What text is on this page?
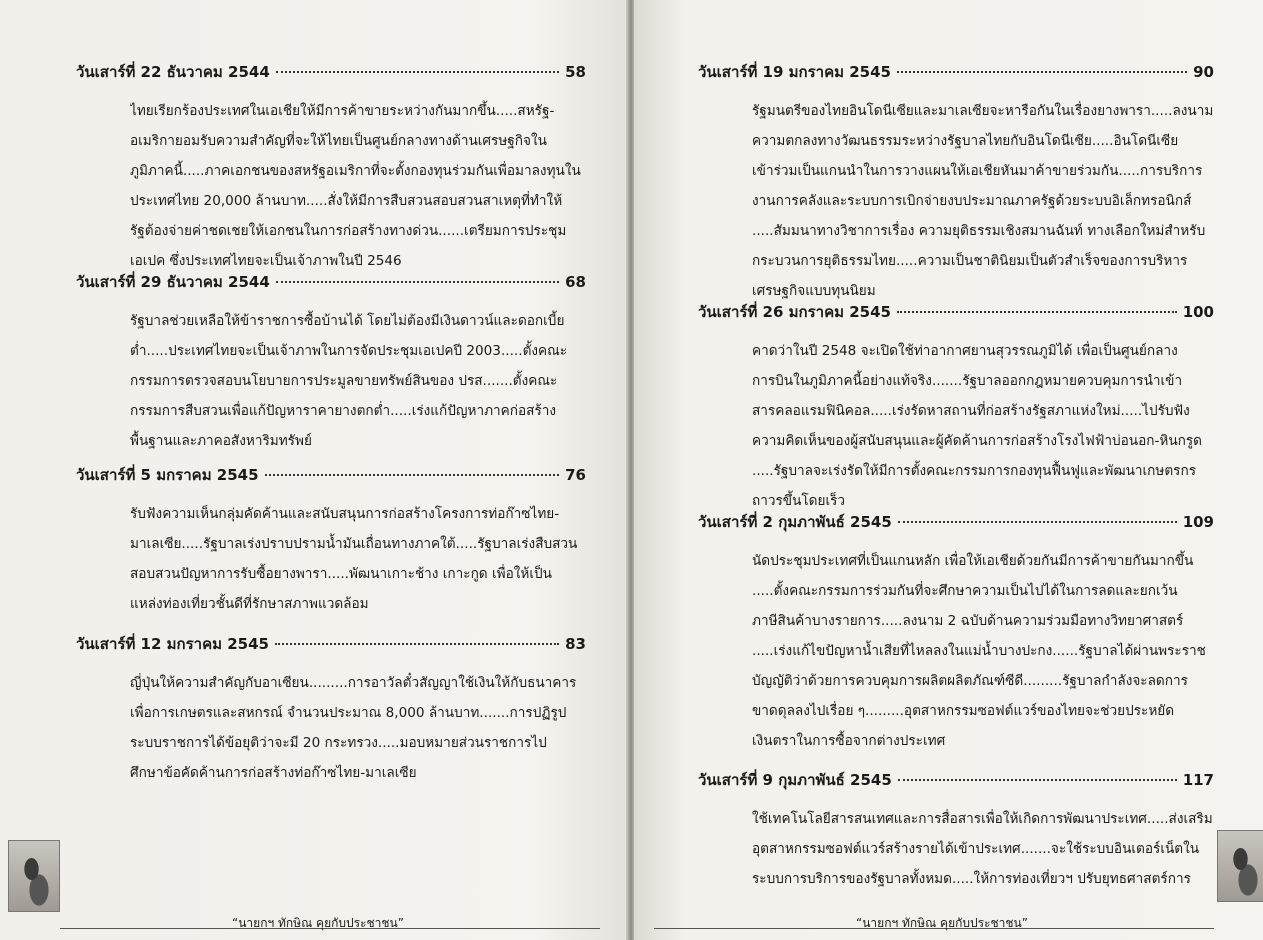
วันเสาร์ที่ 22 ธันวาคม 2544	58
ไทยเรียกร้องประเทศในเอเชียให้มีการค้าขายระหว่างกันมากขึ้น.....สหรัฐ-
อเมริกายอมรับความสำคัญที่จะให้ไทยเป็นศูนย์กลางทางด้านเศรษฐกิจใน
ภูมิภาคนี้.....ภาคเอกชนของสหรัฐอเมริกาที่จะตั้งกองทุนร่วมกันเพื่อมาลงทุนใน
ประเทศไทย 20,000 ล้านบาท.....สั่งให้มีการสืบสวนสอบสวนสาเหตุที่ทำให้
รัฐต้องจ่ายค่าชดเชยให้เอกชนในการก่อสร้างทางด่วน......เตรียมการประชุม
เอเปค ซึ่งประเทศไทยจะเป็นเจ้าภาพในปี 2546
วันเสาร์ที่ 29 ธันวาคม 2544	68
รัฐบาลช่วยเหลือให้ข้าราชการซื้อบ้านได้ โดยไม่ต้องมีเงินดาวน์และดอกเบี้ย
ต่ำ.....ประเทศไทยจะเป็นเจ้าภาพในการจัดประชุมเอเปคปี 2003.....ตั้งคณะ
กรรมการตรวจสอบนโยบายการประมูลขายทรัพย์สินของ ปรส.......ตั้งคณะ
กรรมการสืบสวนเพื่อแก้ปัญหาราคายางตกต่ำ.....เร่งแก้ปัญหาภาคก่อสร้าง
พื้นฐานและภาคอสังหาริมทรัพย์
วันเสาร์ที่ 5 มกราคม 2545	76
รับฟังความเห็นกลุ่มคัดค้านและสนับสนุนการก่อสร้างโครงการท่อก๊าซไทย-
มาเลเซีย.....รัฐบาลเร่งปราบปรามน้ำมันเถื่อนทางภาคใต้.....รัฐบาลเร่งสืบสวน
สอบสวนปัญหาการรับซื้อยางพารา.....พัฒนาเกาะช้าง เกาะกูด เพื่อให้เป็น
แหล่งท่องเที่ยวชั้นดีที่รักษาสภาพแวดล้อม
วันเสาร์ที่ 12 มกราคม 2545	83
ญี่ปุ่นให้ความสำคัญกับอาเซียน.........การอาวัลตั๋วสัญญาใช้เงินให้กับธนาคาร
เพื่อการเกษตรและสหกรณ์ จำนวนประมาณ 8,000 ล้านบาท.......การปฏิรูป
ระบบราชการได้ข้อยุติว่าจะมี 20 กระทรวง.....มอบหมายส่วนราชการไป
ศึกษาข้อคัดค้านการก่อสร้างท่อก๊าซไทย-มาเลเซีย
“นายกฯ ทักษิณ คุยกับประชาชน”	“นายกฯ ทักษิณ คุยกับประชาชน”
วันเสาร์ที่ 19 มกราคม 2545	90
รัฐมนตรีของไทยอินโดนีเซียและมาเลเซียจะหารือกันในเรื่องยางพารา.....ลงนาม
ความตกลงทางวัฒนธรรมระหว่างรัฐบาลไทยกับอินโดนีเซีย.....อินโดนีเซีย
เข้าร่วมเป็นแกนนำในการวางแผนให้เอเชียหันมาค้าขายร่วมกัน.....การบริการ
งานการคลังและระบบการเบิกจ่ายงบประมาณภาครัฐด้วยระบบอิเล็กทรอนิกส์
.....สัมมนาทางวิชาการเรื่อง ความยุติธรรมเชิงสมานฉันท์ ทางเลือกใหม่สำหรับ
กระบวนการยุติธรรมไทย.....ความเป็นชาตินิยมเป็นตัวสำเร็จของการบริหาร
เศรษฐกิจแบบทุนนิยม
วันเสาร์ที่ 26 มกราคม 2545	100
คาดว่าในปี 2548 จะเปิดใช้ท่าอากาศยานสุวรรณภูมิได้ เพื่อเป็นศูนย์กลาง
การบินในภูมิภาคนี้อย่างแท้จริง.......รัฐบาลออกกฎหมายควบคุมการนำเข้า
สารคลอแรมฟินิคอล.....เร่งรัดหาสถานที่ก่อสร้างรัฐสภาแห่งใหม่.....ไปรับฟัง
ความคิดเห็นของผู้สนับสนุนและผู้คัดค้านการก่อสร้างโรงไฟฟ้าบ่อนอก-หินกรูด
.....รัฐบาลจะเร่งรัดให้มีการตั้งคณะกรรมการกองทุนฟื้นฟูและพัฒนาเกษตรกร
ถาวรขึ้นโดยเร็ว
วันเสาร์ที่ 2 กุมภาพันธ์ 2545	109
นัดประชุมประเทศที่เป็นแกนหลัก เพื่อให้เอเชียด้วยกันมีการค้าขายกันมากขึ้น
.....ตั้งคณะกรรมการร่วมกันที่จะศึกษาความเป็นไปได้ในการลดและยกเว้น
ภาษีสินค้าบางรายการ.....ลงนาม 2 ฉบับด้านความร่วมมือทางวิทยาศาสตร์
.....เร่งแก้ไขปัญหาน้ำเสียที่ไหลลงในแม่น้ำบางปะกง......รัฐบาลได้ผ่านพระราช
บัญญัติว่าด้วยการควบคุมการผลิตผลิตภัณฑ์ซีดี.........รัฐบาลกำลังจะลดการ
ขาดดุลลงไปเรื่อย ๆ.........อุตสาหกรรมซอฟต์แวร์ของไทยจะช่วยประหยัด
เงินตราในการซื้อจากต่างประเทศ
วันเสาร์ที่ 9 กุมภาพันธ์ 2545	117
ใช้เทคโนโลยีสารสนเทศและการสื่อสารเพื่อให้เกิดการพัฒนาประเทศ.....ส่งเสริม
อุตสาหกรรมซอฟต์แวร์สร้างรายได้เข้าประเทศ.......จะใช้ระบบอินเตอร์เน็ตใน
ระบบการบริการของรัฐบาลทั้งหมด.....ให้การท่องเที่ยวฯ ปรับยุทธศาสตร์การ
